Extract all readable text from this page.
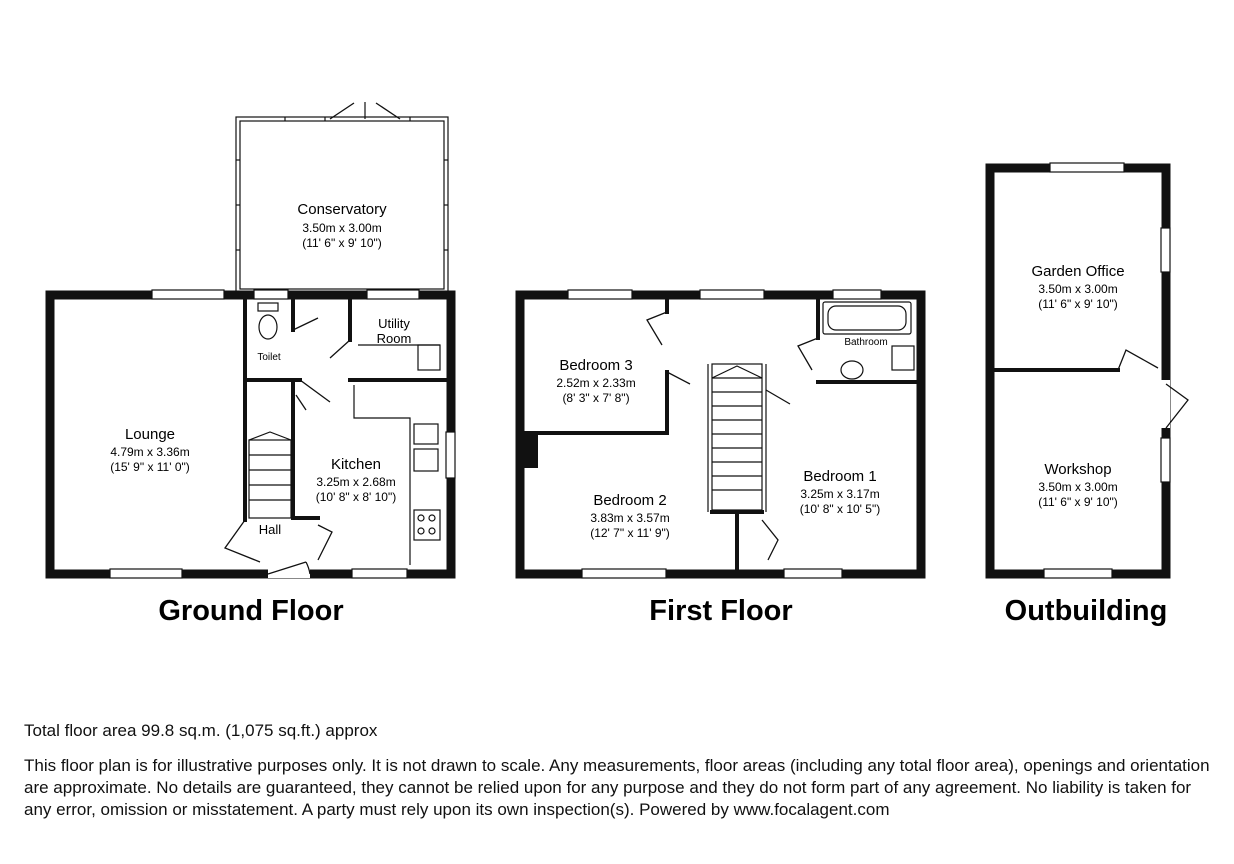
Conservatory
3.50m x 3.00m
(11' 6" x 9' 10")
Lounge
4.79m x 3.36m
(15' 9" x 11' 0")	Kitchen
3.25m x 2.68m
(10' 8" x 8' 10")
Toilet
Utility
Room
Hall
Bedroom 3
2.52m x 2.33m
(8' 3" x 7' 8")
Bedroom 2
3.83m x 3.57m
(12' 7" x 11' 9")
Bedroom 1
3.25m x 3.17m
(10' 8" x 10' 5")
Bathroom
Garden Office
3.50m x 3.00m
(11' 6" x 9' 10")
Workshop
3.50m x 3.00m
(11' 6" x 9' 10")
Ground Floor	First Floor	Outbuilding

Total floor area 99.8 sq.m. (1,075 sq.ft.) approx

This floor plan is for illustrative purposes only. It is not drawn to scale. Any measurements, floor areas (including any total floor area), openings and orientation are approximate. No details are guaranteed, they cannot be relied upon for any purpose and they do not form part of any agreement. No liability is taken for any error, omission or misstatement. A party must rely upon its own inspection(s). Powered by www.focalagent.com
